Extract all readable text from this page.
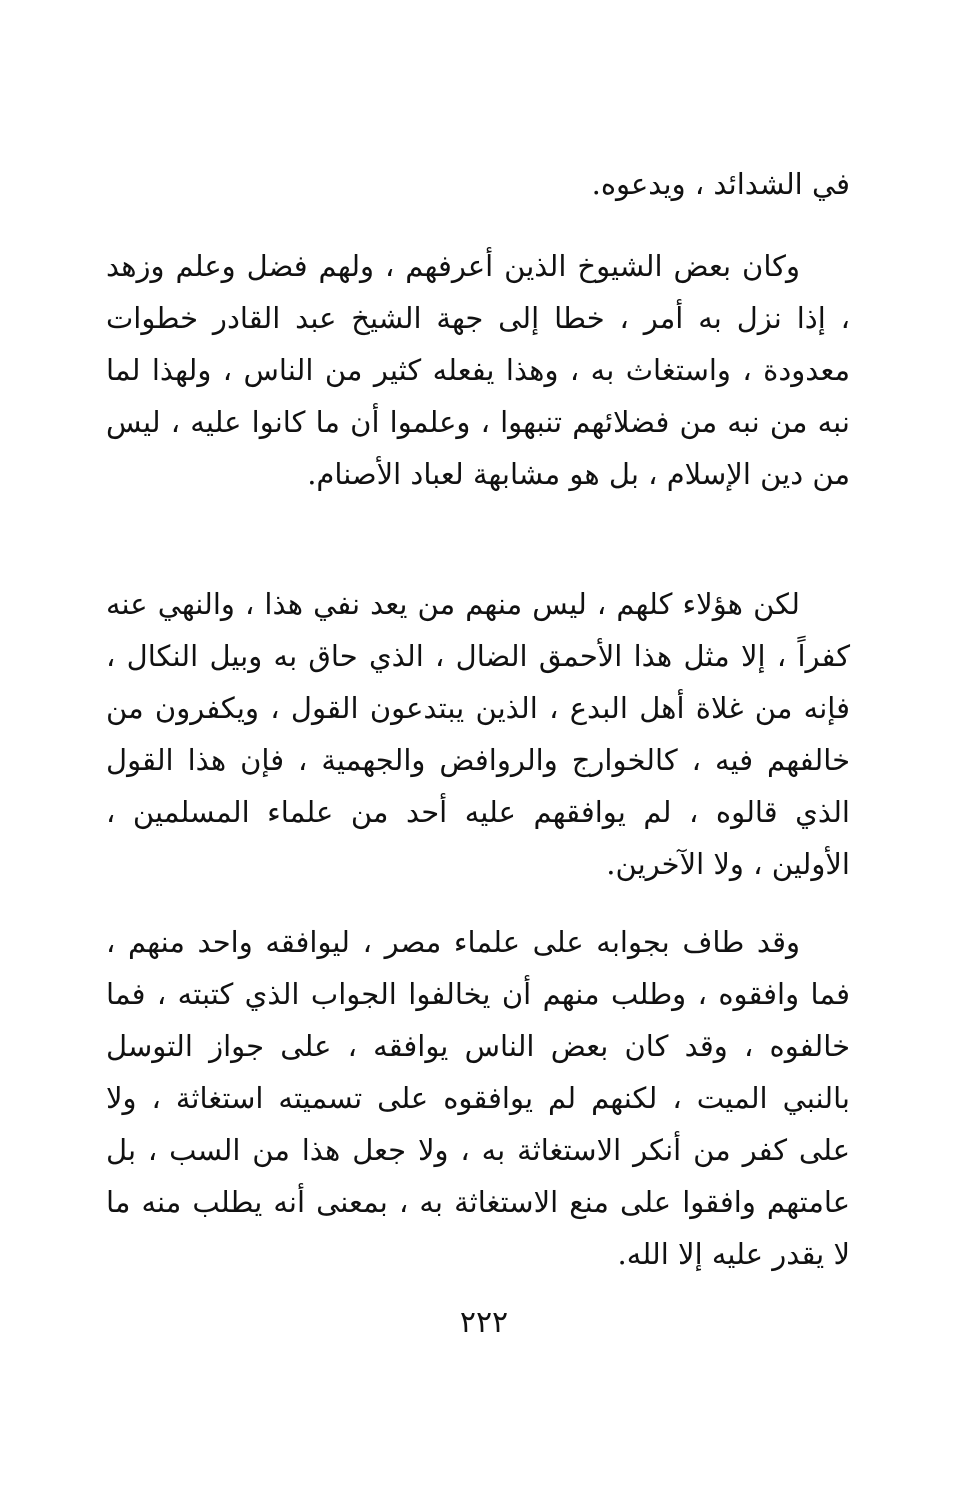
في الشدائد ، ويدعوه.

وكان بعض الشيوخ الذين أعرفهم ، ولهم فضل وعلم وزهد ، إذا نزل به أمر ، خطا إلى جهة الشيخ عبد القادر خطوات معدودة ، واستغاث به ، وهذا يفعله كثير من الناس ، ولهذا لما نبه من نبه من فضلائهم تنبهوا ، وعلموا أن ما كانوا عليه ، ليس من دين الإسلام ، بل هو مشابهة لعباد الأصنام.

لكن هؤلاء كلهم ، ليس منهم من يعد نفي هذا ، والنهي عنه كفراً ، إلا مثل هذا الأحمق الضال ، الذي حاق به وبيل النكال ، فإنه من غلاة أهل البدع ، الذين يبتدعون القول ، ويكفرون من خالفهم فيه ، كالخوارج والروافض والجهمية ، فإن هذا القول الذي قالوه ، لم يوافقهم عليه أحد من علماء المسلمين ، الأولين ، ولا الآخرين.

وقد طاف بجوابه على علماء مصر ، ليوافقه واحد منهم ، فما وافقوه ، وطلب منهم أن يخالفوا الجواب الذي كتبته ، فما خالفوه ، وقد كان بعض الناس يوافقه ، على جواز التوسل بالنبي الميت ، لكنهم لم يوافقوه على تسميته استغاثة ، ولا على كفر من أنكر الاستغاثة به ، ولا جعل هذا من السب ، بل عامتهم وافقوا على منع الاستغاثة به ، بمعنى أنه يطلب منه ما لا يقدر عليه إلا الله.

٢٢٢
